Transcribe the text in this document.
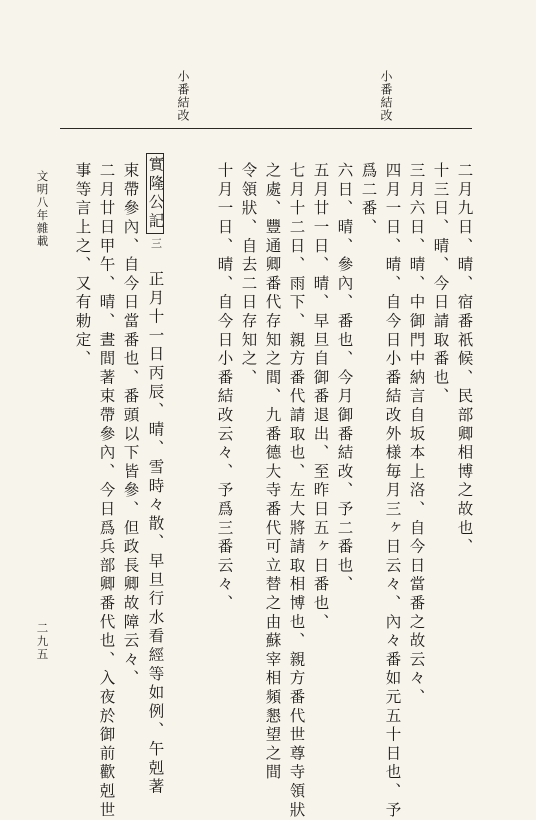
小番結改
小番結改
二月九日、晴、宿番祇候、民部卿相博之故也、
十三日、晴、今日請取番也、
三月六日、晴、中御門中納言自坂本上洛、自今日當番之故云々、
四月一日、晴、自今日小番結改外様毎月三ヶ日云々、內々番如元五十日也、予
爲二番、
六日、晴、參內、番也、今月御番結改、予二番也、
五月廿一日、晴、早旦自御番退出、至昨日五ヶ日番也、
七月十二日、雨下、親方番代請取也、左大將請取相博也、親方番代世尊寺領狀
之處、豐通卿番代存知之間、九番德大寺番代可立替之由蘇宰相頻懇望之間
令領狀、自去二日存知之、
十月一日、晴、自今日小番結改云々、予爲三番云々、
實隆公記三　正月十一日丙辰、晴、雪時々散、早旦行水看經等如例、午剋著
束帶參內、自今日當番也、番頭以下皆參、但政長卿故障云々、
二月廿日甲午、晴、晝間著束帶參內、今日爲兵部卿番代也、入夜於御前歡剋世
事等言上之、又有勅定、
文明八年雜載
二九五
